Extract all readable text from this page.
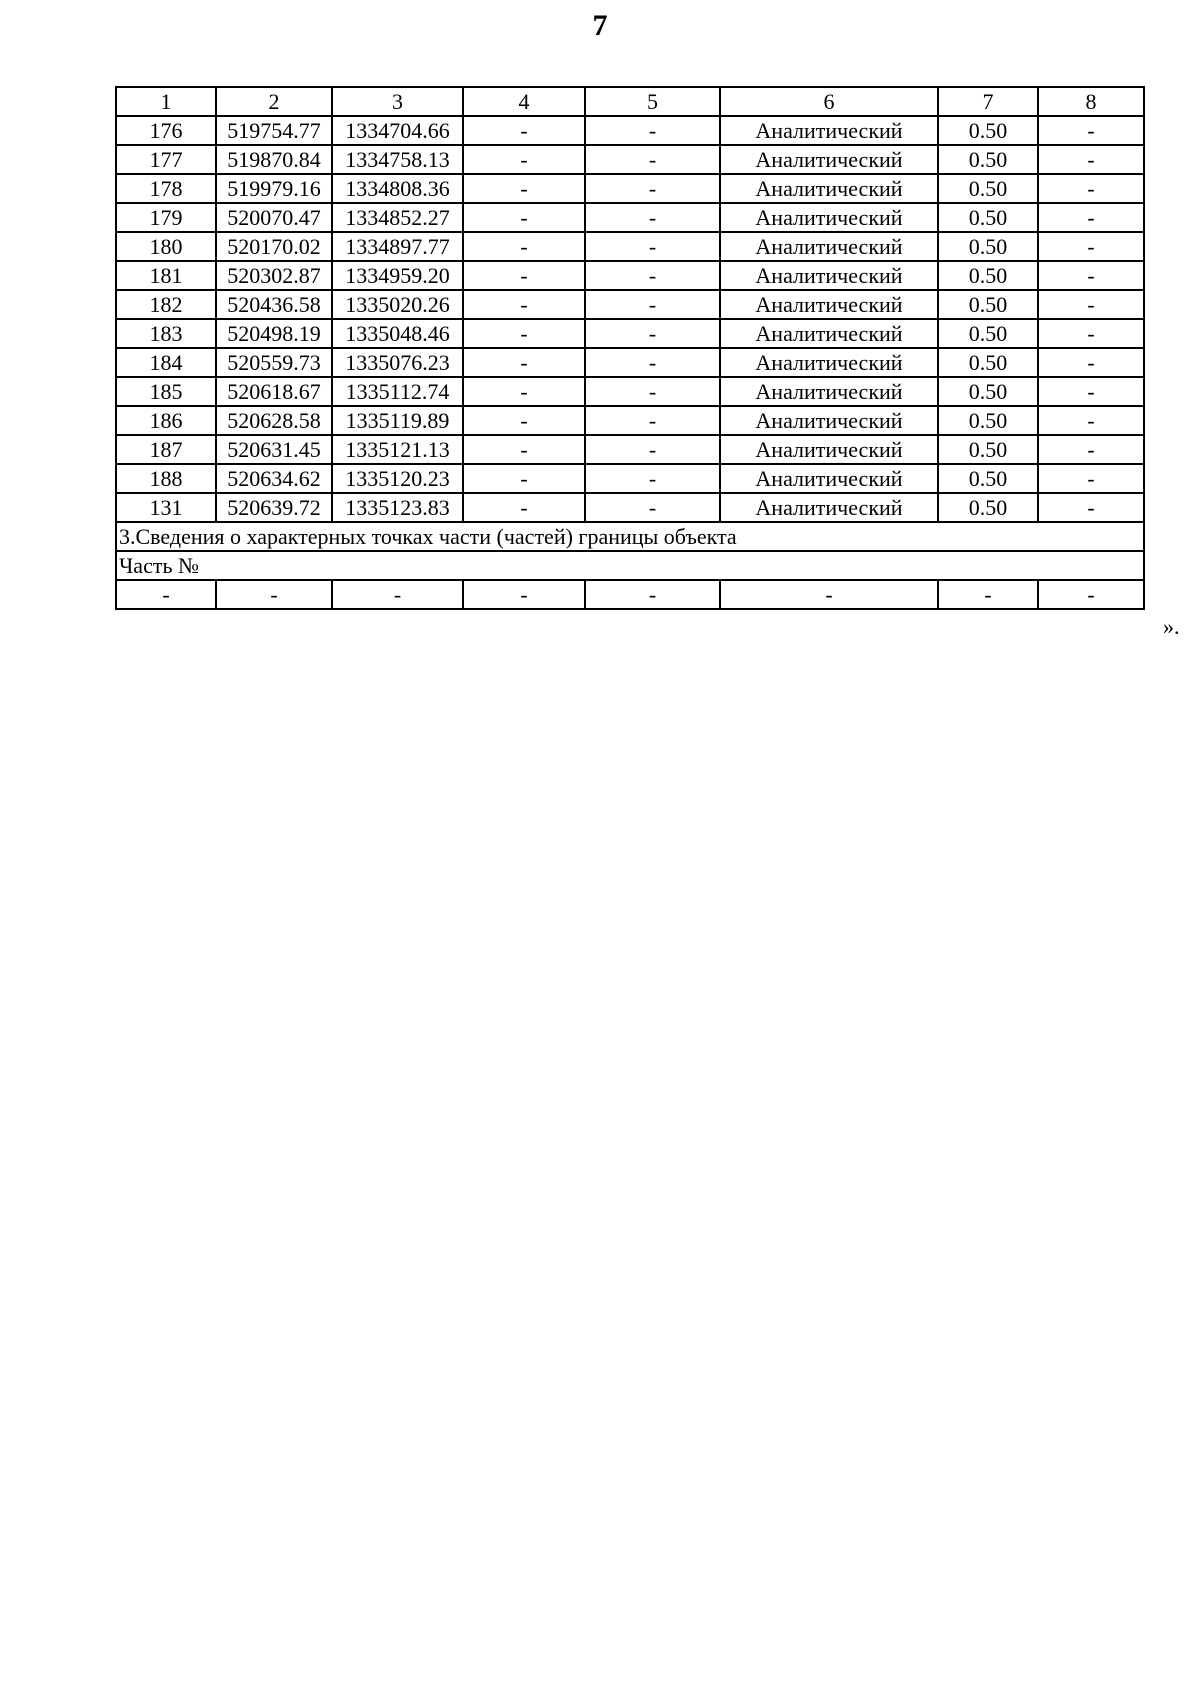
7
1	2	3	4	5	6	7	8
176	519754.77	1334704.66	-	-	Аналитический	0.50	-
177	519870.84	1334758.13	-	-	Аналитический	0.50	-
178	519979.16	1334808.36	-	-	Аналитический	0.50	-
179	520070.47	1334852.27	-	-	Аналитический	0.50	-
180	520170.02	1334897.77	-	-	Аналитический	0.50	-
181	520302.87	1334959.20	-	-	Аналитический	0.50	-
182	520436.58	1335020.26	-	-	Аналитический	0.50	-
183	520498.19	1335048.46	-	-	Аналитический	0.50	-
184	520559.73	1335076.23	-	-	Аналитический	0.50	-
185	520618.67	1335112.74	-	-	Аналитический	0.50	-
186	520628.58	1335119.89	-	-	Аналитический	0.50	-
187	520631.45	1335121.13	-	-	Аналитический	0.50	-
188	520634.62	1335120.23	-	-	Аналитический	0.50	-
131	520639.72	1335123.83	-	-	Аналитический	0.50	-
3.Сведения о характерных точках части (частей) границы объекта							
Часть №							
-	-	-	-	-	-	-	-
».
